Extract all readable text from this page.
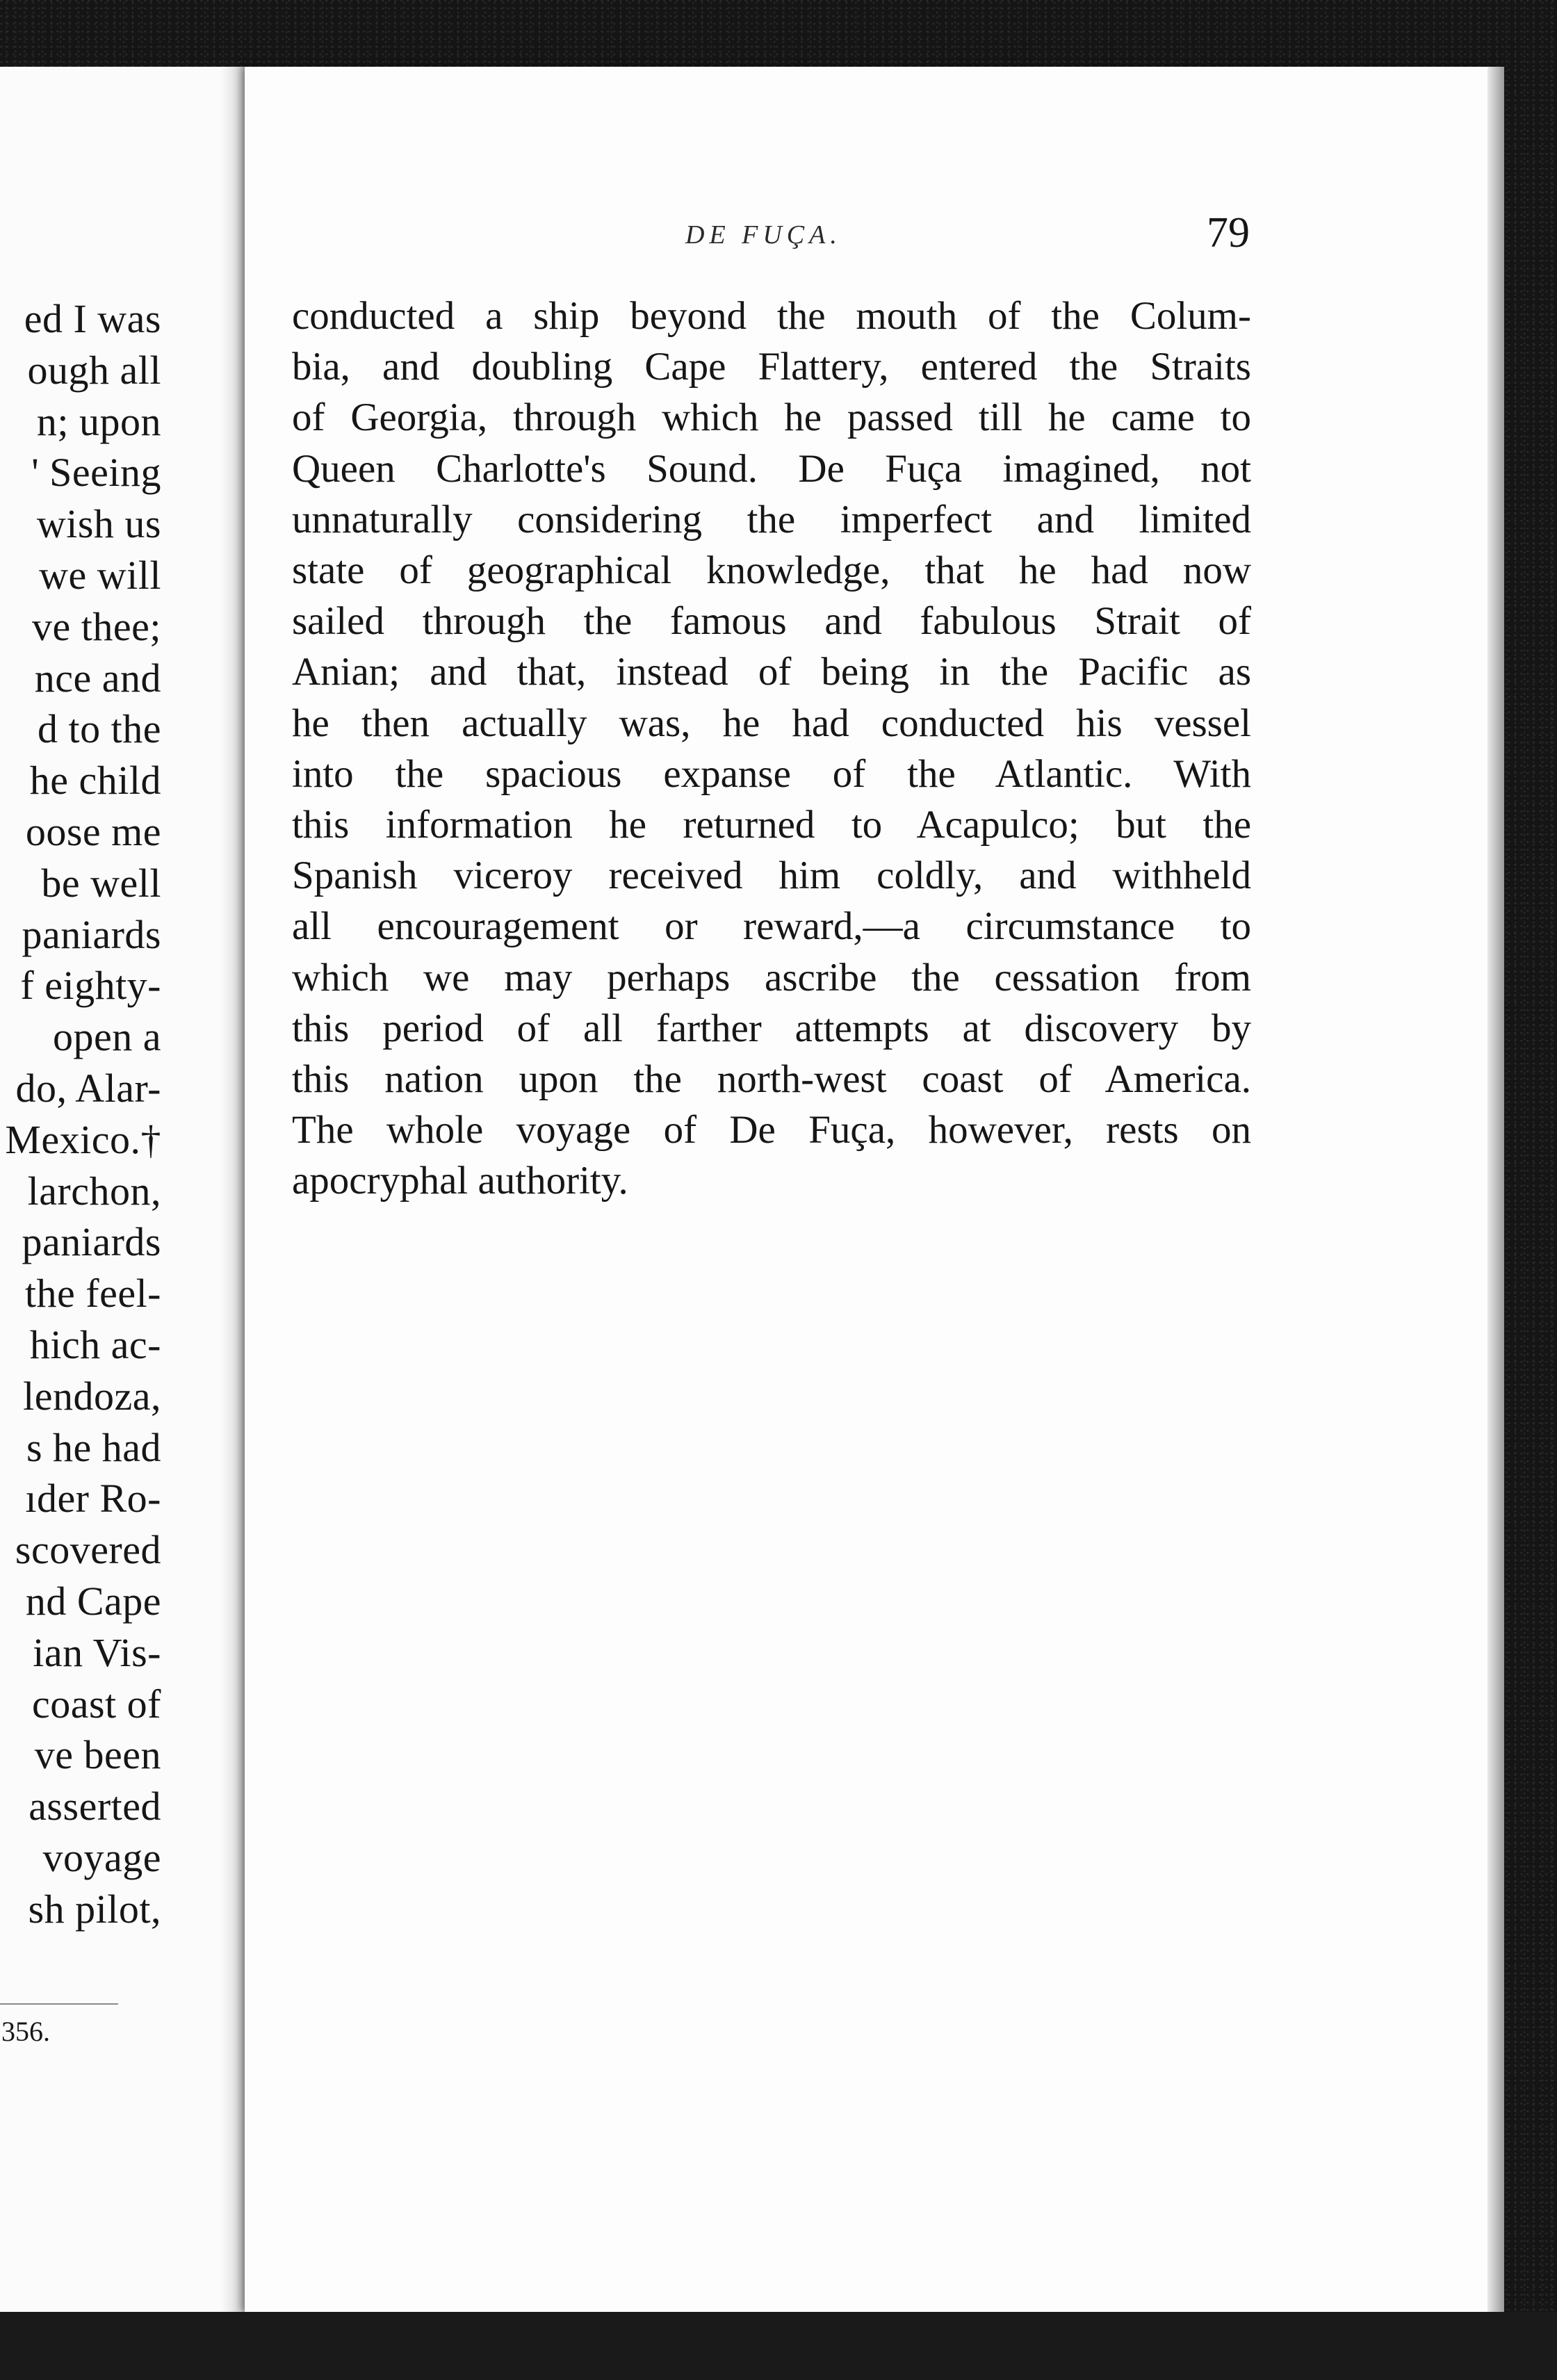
ed I was
ough all
n; upon
' Seeing
wish us
we will
ve thee;
nce and
d to the
he child
oose me
be well
paniards
f eighty-
open a
do, Alar-
Mexico.†
larchon,
paniards
the feel-
hich ac-
lendoza,
s he had
ıder Ro-
scovered
nd Cape
ian Vis-
coast of
ve been
asserted
voyage
sh pilot,
356.
DE FUÇA.	79
conducted a ship beyond the mouth of the Colum-
bia, and doubling Cape Flattery, entered the Straits
of Georgia, through which he passed till he came to
Queen Charlotte's Sound. De Fuça imagined, not
unnaturally considering the imperfect and limited
state of geographical knowledge, that he had now
sailed through the famous and fabulous Strait of
Anian; and that, instead of being in the Pacific as
he then actually was, he had conducted his vessel
into the spacious expanse of the Atlantic. With
this information he returned to Acapulco; but the
Spanish viceroy received him coldly, and withheld
all encouragement or reward,—a circumstance to
which we may perhaps ascribe the cessation from
this period of all farther attempts at discovery by
this nation upon the north-west coast of America.
The whole voyage of De Fuça, however, rests on
apocryphal authority.
